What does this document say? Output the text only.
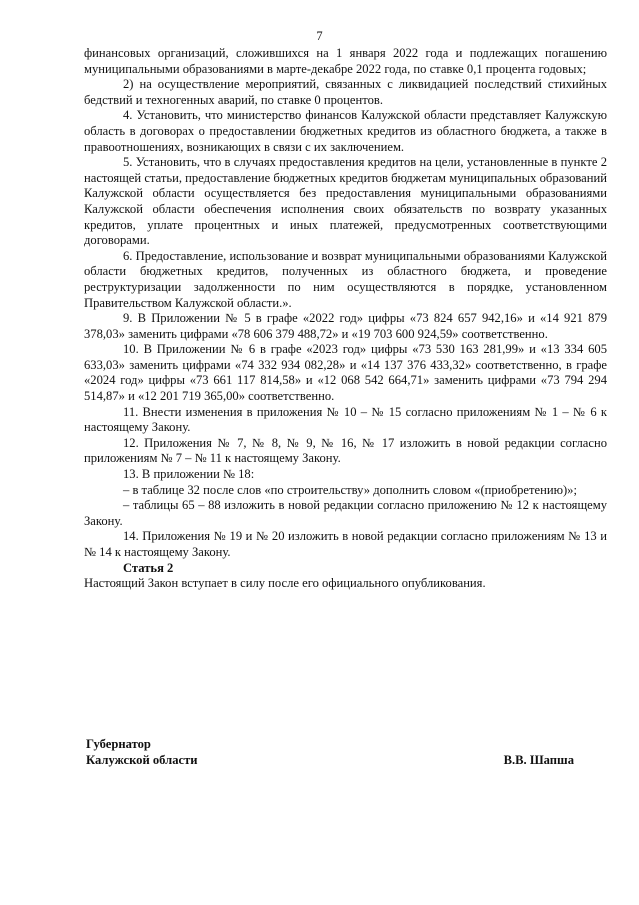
7

финансовых организаций, сложившихся на 1 января 2022 года и подлежащих погашению муниципальными образованиями в марте-декабре 2022 года, по ставке 0,1 процента годовых;

2) на осуществление мероприятий, связанных с ликвидацией последствий стихийных бедствий и техногенных аварий, по ставке 0 процентов.

4. Установить, что министерство финансов Калужской области представляет Калужскую область в договорах о предоставлении бюджетных кредитов из областного бюджета, а также в правоотношениях, возникающих в связи с их заключением.

5. Установить, что в случаях предоставления кредитов на цели, установленные в пункте 2 настоящей статьи, предоставление бюджетных кредитов бюджетам муниципальных образований Калужской области осуществляется без предоставления муниципальными образованиями Калужской области обеспечения исполнения своих обязательств по возврату указанных кредитов, уплате процентных и иных платежей, предусмотренных соответствующими договорами.

6. Предоставление, использование и возврат муниципальными образованиями Калужской области бюджетных кредитов, полученных из областного бюджета, и проведение реструктуризации задолженности по ним осуществляются в порядке, установленном Правительством Калужской области.».

9. В Приложении № 5 в графе «2022 год» цифры «73 824 657 942,16» и «14 921 879 378,03» заменить цифрами «78 606 379 488,72» и «19 703 600 924,59» соответственно.

10. В Приложении № 6 в графе «2023 год» цифры «73 530 163 281,99» и «13 334 605 633,03» заменить цифрами «74 332 934 082,28» и «14 137 376 433,32» соответственно, в графе «2024 год» цифры «73 661 117 814,58» и «12 068 542 664,71» заменить цифрами «73 794 294 514,87» и «12 201 719 365,00» соответственно.

11. Внести изменения в приложения № 10 – № 15 согласно приложениям № 1 – № 6 к настоящему Закону.

12. Приложения № 7, № 8, № 9, № 16, № 17 изложить в новой редакции согласно приложениям № 7 – № 11 к настоящему Закону.

13. В приложении № 18:

– в таблице 32 после слов «по строительству» дополнить словом «(приобретению)»;

– таблицы 65 – 88 изложить в новой редакции согласно приложению № 12 к настоящему Закону.

14. Приложения № 19 и № 20 изложить в новой редакции согласно приложениям № 13 и № 14 к настоящему Закону.

Статья 2

Настоящий Закон вступает в силу после его официального опубликования.

Губернатор
Калужской области	В.В. Шапша
